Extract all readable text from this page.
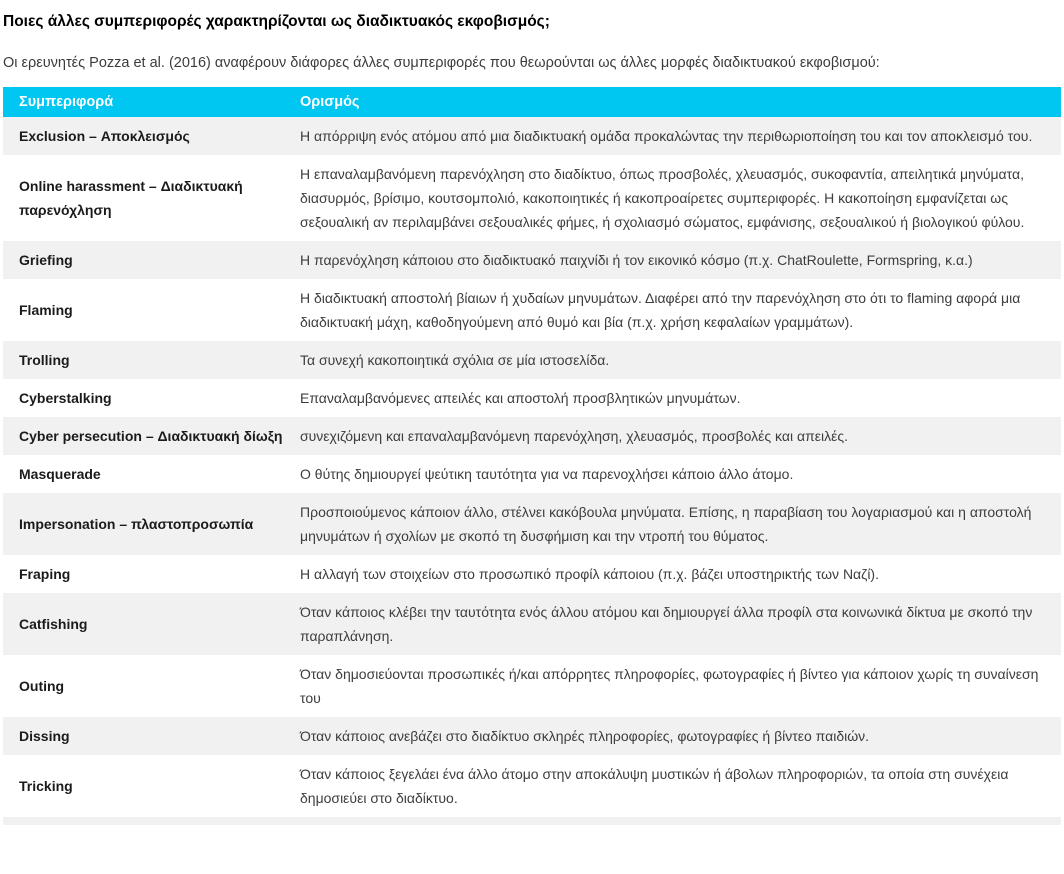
Ποιες άλλες συμπεριφορές χαρακτηρίζονται ως διαδικτυακός εκφοβισμός;

Οι ερευνητές Pozza et al. (2016) αναφέρουν διάφορες άλλες συμπεριφορές που θεωρούνται ως άλλες μορφές διαδικτυακού εκφοβισμού:

Συμπεριφορά	Ορισμός
Exclusion – Αποκλεισμός	Η απόρριψη ενός ατόμου από μια διαδικτυακή ομάδα προκαλώντας την περιθωριοποίηση του και τον αποκλεισμό του.
Online harassment – Διαδικτυακή παρενόχληση	Η επαναλαμβανόμενη παρενόχληση στο διαδίκτυο, όπως προσβολές, χλευασμός, συκοφαντία, απειλητικά μηνύματα, διασυρμός, βρίσιμο, κουτσομπολιό, κακοποιητικές ή κακοπροαίρετες συμπεριφορές. Η κακοποίηση εμφανίζεται ως σεξουαλική αν περιλαμβάνει σεξουαλικές φήμες, ή σχολιασμό σώματος, εμφάνισης, σεξουαλικού ή βιολογικού φύλου.
Griefing	Η παρενόχληση κάποιου στο διαδικτυακό παιχνίδι ή τον εικονικό κόσμο (π.χ. ChatRoulette, Formspring, κ.α.)
Flaming	Η διαδικτυακή αποστολή βίαιων ή χυδαίων μηνυμάτων. Διαφέρει από την παρενόχληση στο ότι το flaming αφορά μια διαδικτυακή μάχη, καθοδηγούμενη από θυμό και βία (π.χ. χρήση κεφαλαίων γραμμάτων).
Trolling	Τα συνεχή κακοποιητικά σχόλια σε μία ιστοσελίδα.
Cyberstalking	Επαναλαμβανόμενες απειλές και αποστολή προσβλητικών μηνυμάτων.
Cyber persecution – Διαδικτυακή δίωξη	συνεχιζόμενη και επαναλαμβανόμενη παρενόχληση, χλευασμός, προσβολές και απειλές.
Masquerade	Ο θύτης δημιουργεί ψεύτικη ταυτότητα για να παρενοχλήσει κάποιο άλλο άτομο.
Impersonation – πλαστοπροσωπία	Προσποιούμενος κάποιον άλλο, στέλνει κακόβουλα μηνύματα. Επίσης, η παραβίαση του λογαριασμού και η αποστολή μηνυμάτων ή σχολίων με σκοπό τη δυσφήμιση και την ντροπή του θύματος.
Fraping	Η αλλαγή των στοιχείων στο προσωπικό προφίλ κάποιου (π.χ. βάζει υποστηρικτής των Ναζί).
Catfishing	Όταν κάποιος κλέβει την ταυτότητα ενός άλλου ατόμου και δημιουργεί άλλα προφίλ στα κοινωνικά δίκτυα με σκοπό την παραπλάνηση.
Outing	Όταν δημοσιεύονται προσωπικές ή/και απόρρητες πληροφορίες, φωτογραφίες ή βίντεο για κάποιον χωρίς τη συναίνεση του
Dissing	Όταν κάποιος ανεβάζει στο διαδίκτυο σκληρές πληροφορίες, φωτογραφίες ή βίντεο παιδιών.
Tricking	Όταν κάποιος ξεγελάει ένα άλλο άτομο στην αποκάλυψη μυστικών ή άβολων πληροφοριών, τα οποία στη συνέχεια δημοσιεύει στο διαδίκτυο.
